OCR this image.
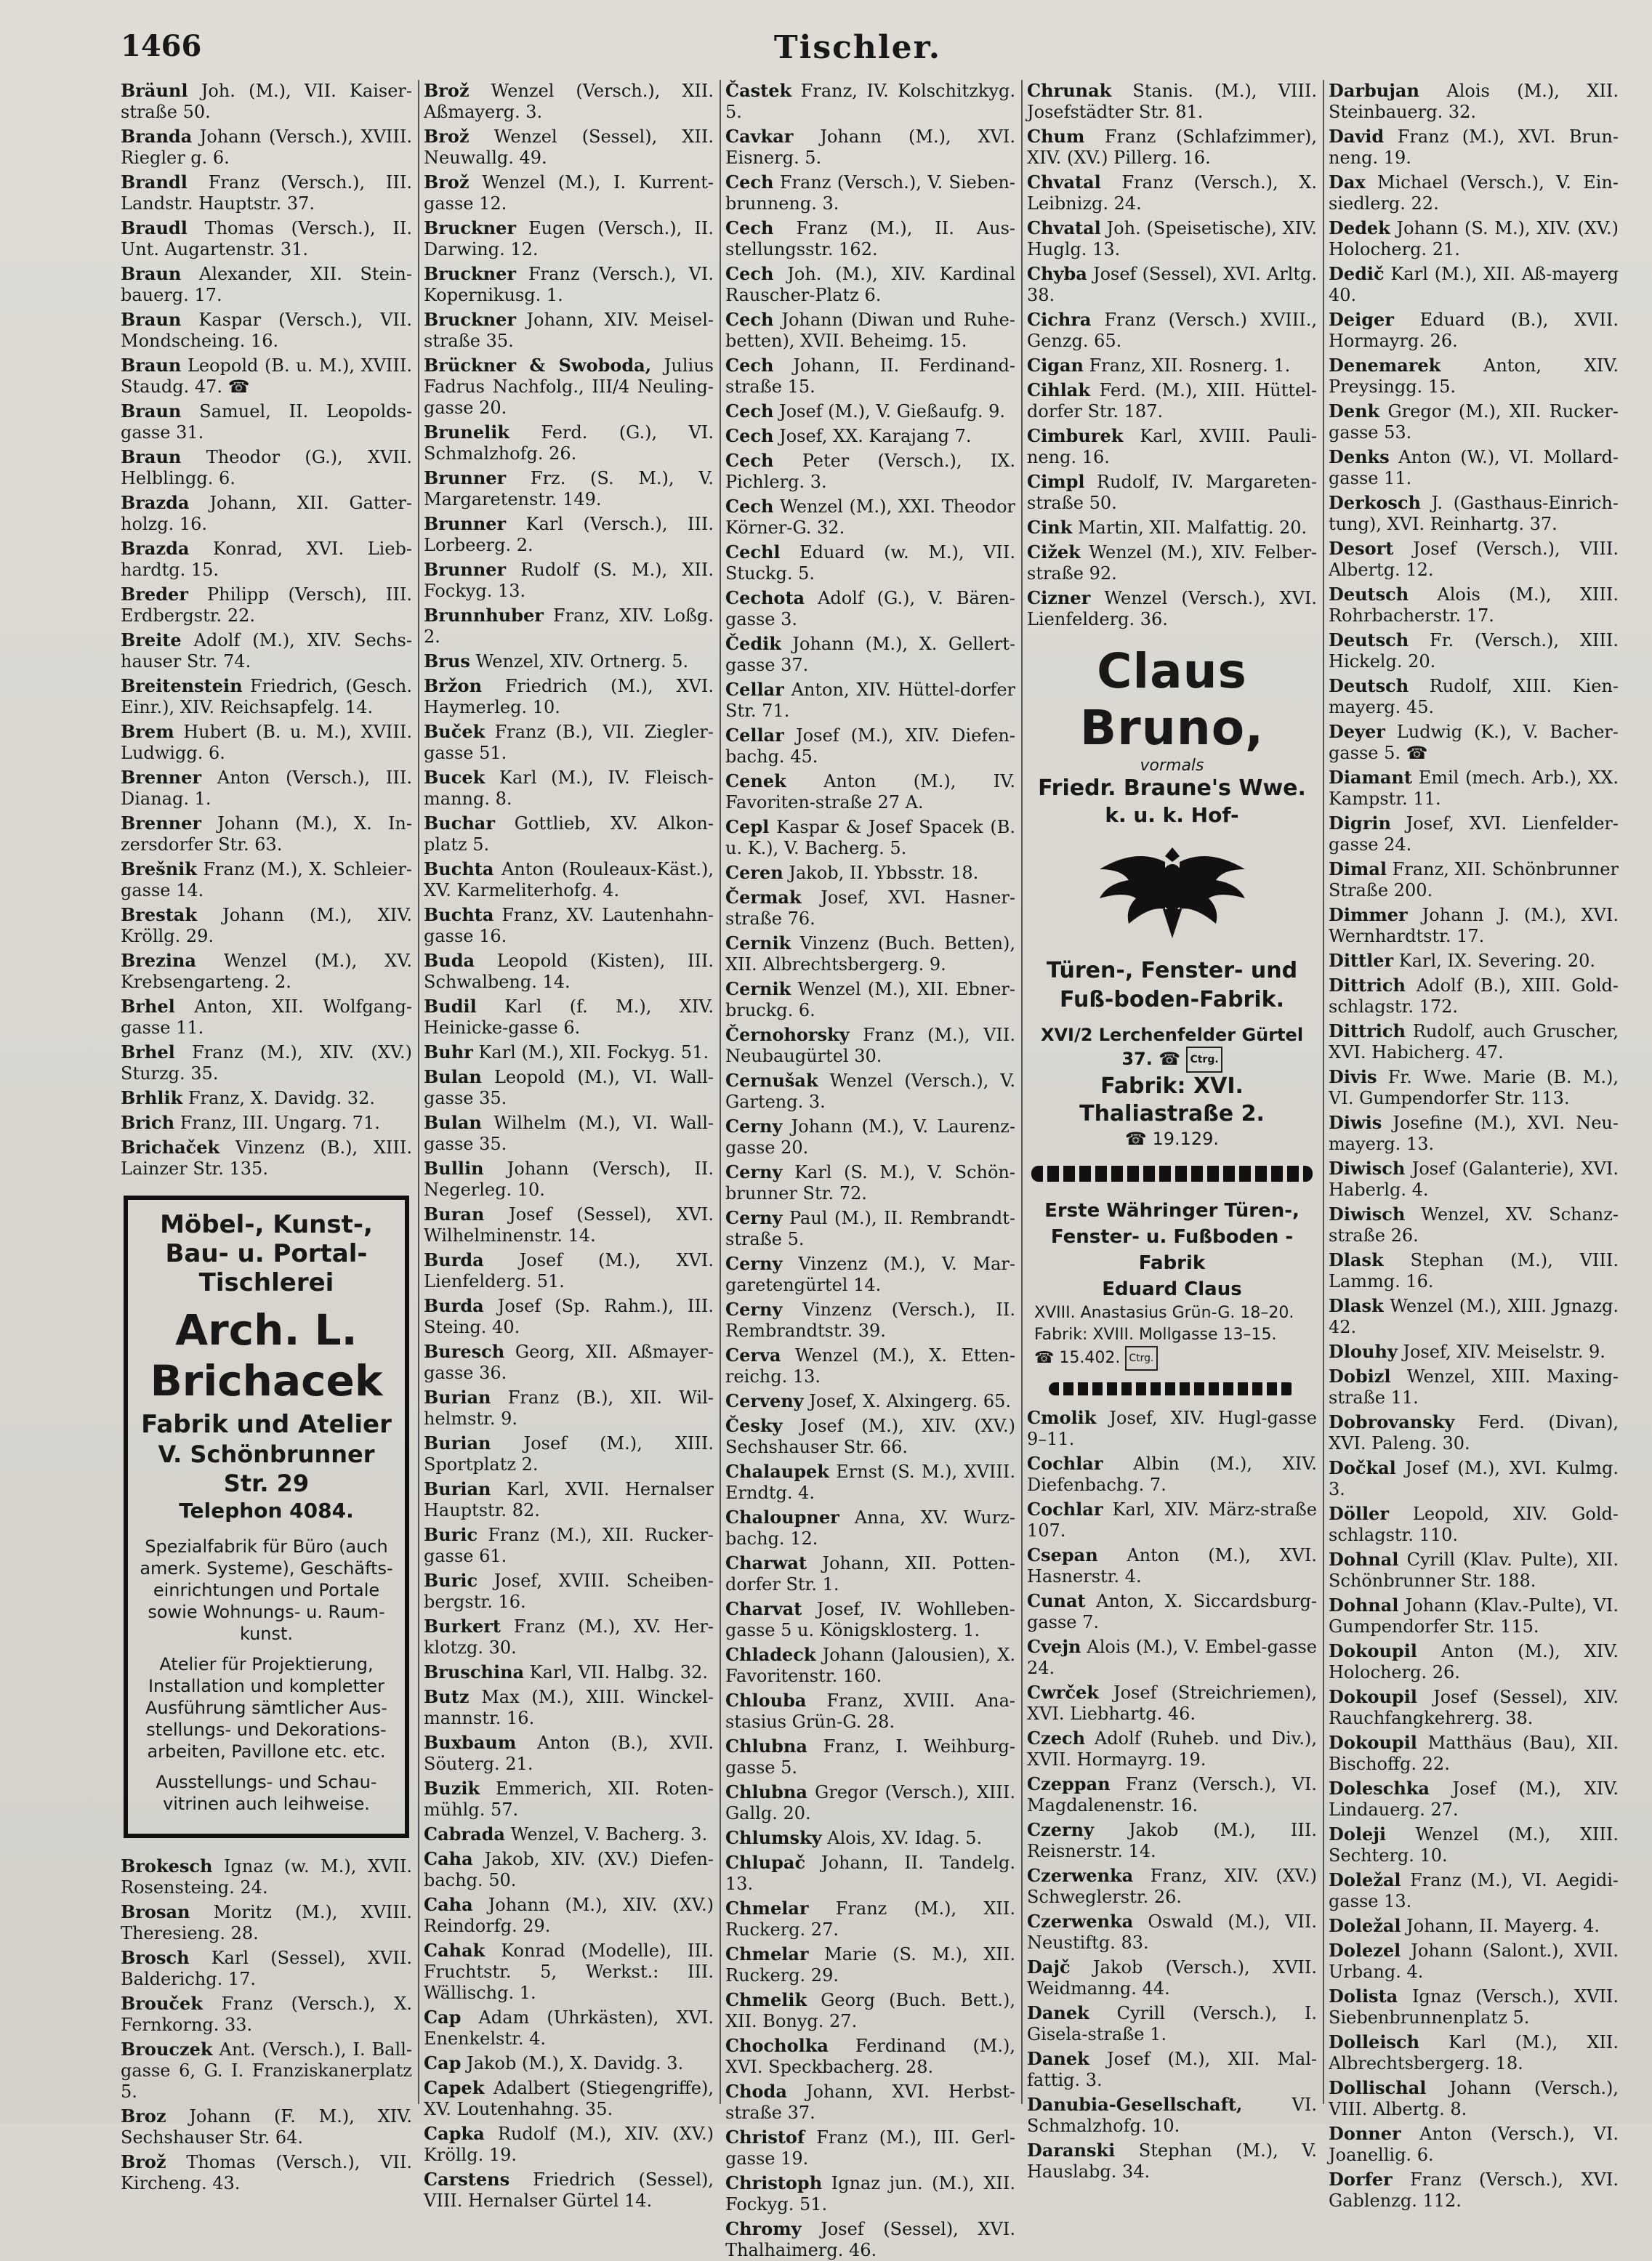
1466	Tischler.
Bräunl Joh. (M.), VII. Kaiser-straße 50.
Branda Johann (Versch.), XVIII. Riegler g. 6.
Brandl Franz (Versch.), III. Landstr. Hauptstr. 37.
Braudl Thomas (Versch.), II. Unt. Augartenstr. 31.
Braun Alexander, XII. Stein-bauerg. 17.
Braun Kaspar (Versch.), VII. Mondscheing. 16.
Braun Leopold (B. u. M.), XVIII. Staudg. 47. ☎
Braun Samuel, II. Leopolds-gasse 31.
Braun Theodor (G.), XVII. Helblingg. 6.
Brazda Johann, XII. Gatter-holzg. 16.
Brazda Konrad, XVI. Lieb-hardtg. 15.
Breder Philipp (Versch), III. Erdbergstr. 22.
Breite Adolf (M.), XIV. Sechs-hauser Str. 74.
Breitenstein Friedrich, (Gesch. Einr.), XIV. Reichsapfelg. 14.
Brem Hubert (B. u. M.), XVIII. Ludwigg. 6.
Brenner Anton (Versch.), III. Dianag. 1.
Brenner Johann (M.), X. In-zersdorfer Str. 63.
Brešnik Franz (M.), X. Schleier-gasse 14.
Brestak Johann (M.), XIV. Kröllg. 29.
Brezina Wenzel (M.), XV. Krebsengarteng. 2.
Brhel Anton, XII. Wolfgang-gasse 11.
Brhel Franz (M.), XIV. (XV.) Sturzg. 35.
Brhlik Franz, X. Davidg. 32.
Brich Franz, III. Ungarg. 71.
Brichaček Vinzenz (B.), XIII. Lainzer Str. 135.
Möbel-, Kunst-, Bau- u. Portal-Tischlerei
Arch. L. Brichacek
Fabrik und Atelier
V. Schönbrunner Str. 29
Telephon 4084.
Spezialfabrik für Büro (auch amerk. Systeme), Geschäfts-einrichtungen und Portale sowie Wohnungs- u. Raum-kunst.
Atelier für Projektierung, Installation und kompletter Ausführung sämtlicher Aus-stellungs- und Dekorations-arbeiten, Pavillone etc. etc.
Ausstellungs- und Schau-vitrinen auch leihweise.
Brokesch Ignaz (w. M.), XVII. Rosensteing. 24.
Brosan Moritz (M.), XVIII. Theresieng. 28.
Brosch Karl (Sessel), XVII. Balderichg. 17.
Brouček Franz (Versch.), X. Fernkorng. 33.
Brouczek Ant. (Versch.), I. Ball-gasse 6, G. I. Franziskanerplatz 5.
Broz Johann (F. M.), XIV. Sechshauser Str. 64.
Brož Thomas (Versch.), VII. Kircheng. 43.
Brož Wenzel (Versch.), XII. Aßmayerg. 3.
Brož Wenzel (Sessel), XII. Neuwallg. 49.
Brož Wenzel (M.), I. Kurrent-gasse 12.
Bruckner Eugen (Versch.), II. Darwing. 12.
Bruckner Franz (Versch.), VI. Kopernikusg. 1.
Bruckner Johann, XIV. Meisel-straße 35.
Brückner & Swoboda, Julius Fadrus Nachfolg., III/4 Neuling-gasse 20.
Brunelik Ferd. (G.), VI. Schmalzhofg. 26.
Brunner Frz. (S. M.), V. Margaretenstr. 149.
Brunner Karl (Versch.), III. Lorbeerg. 2.
Brunner Rudolf (S. M.), XII. Fockyg. 13.
Brunnhuber Franz, XIV. Loßg. 2.
Brus Wenzel, XIV. Ortnerg. 5.
Bržon Friedrich (M.), XVI. Haymerleg. 10.
Buček Franz (B.), VII. Ziegler-gasse 51.
Bucek Karl (M.), IV. Fleisch-manng. 8.
Buchar Gottlieb, XV. Alkon-platz 5.
Buchta Anton (Rouleaux-Käst.), XV. Karmeliterhofg. 4.
Buchta Franz, XV. Lautenhahn-gasse 16.
Buda Leopold (Kisten), III. Schwalbeng. 14.
Budil Karl (f. M.), XIV. Heinicke-gasse 6.
Buhr Karl (M.), XII. Fockyg. 51.
Bulan Leopold (M.), VI. Wall-gasse 35.
Bulan Wilhelm (M.), VI. Wall-gasse 35.
Bullin Johann (Versch), II. Negerleg. 10.
Buran Josef (Sessel), XVI. Wilhelminenstr. 14.
Burda Josef (M.), XVI. Lienfelderg. 51.
Burda Josef (Sp. Rahm.), III. Steing. 40.
Buresch Georg, XII. Aßmayer-gasse 36.
Burian Franz (B.), XII. Wil-helmstr. 9.
Burian Josef (M.), XIII. Sportplatz 2.
Burian Karl, XVII. Hernalser Hauptstr. 82.
Buric Franz (M.), XII. Rucker-gasse 61.
Buric Josef, XVIII. Scheiben-bergstr. 16.
Burkert Franz (M.), XV. Her-klotzg. 30.
Bruschina Karl, VII. Halbg. 32.
Butz Max (M.), XIII. Winckel-mannstr. 16.
Buxbaum Anton (B.), XVII. Söuterg. 21.
Buzik Emmerich, XII. Roten-mühlg. 57.
Cabrada Wenzel, V. Bacherg. 3.
Caha Jakob, XIV. (XV.) Diefen-bachg. 50.
Caha Johann (M.), XIV. (XV.) Reindorfg. 29.
Cahak Konrad (Modelle), III. Fruchtstr. 5, Werkst.: III. Wällischg. 1.
Cap Adam (Uhrkästen), XVI. Enenkelstr. 4.
Cap Jakob (M.), X. Davidg. 3.
Capek Adalbert (Stiegengriffe), XV. Loutenhahng. 35.
Capka Rudolf (M.), XIV. (XV.) Kröllg. 19.
Carstens Friedrich (Sessel), VIII. Hernalser Gürtel 14.
Častek Franz, IV. Kolschitzkyg. 5.
Cavkar Johann (M.), XVI. Eisnerg. 5.
Cech Franz (Versch.), V. Sieben-brunneng. 3.
Cech Franz (M.), II. Aus-stellungsstr. 162.
Cech Joh. (M.), XIV. Kardinal Rauscher-Platz 6.
Cech Johann (Diwan und Ruhe-betten), XVII. Beheimg. 15.
Cech Johann, II. Ferdinand-straße 15.
Cech Josef (M.), V. Gießaufg. 9.
Cech Josef, XX. Karajang 7.
Cech Peter (Versch.), IX. Pichlerg. 3.
Cech Wenzel (M.), XXI. Theodor Körner-G. 32.
Cechl Eduard (w. M.), VII. Stuckg. 5.
Cechota Adolf (G.), V. Bären-gasse 3.
Čedik Johann (M.), X. Gellert-gasse 37.
Cellar Anton, XIV. Hüttel-dorfer Str. 71.
Cellar Josef (M.), XIV. Diefen-bachg. 45.
Cenek Anton (M.), IV. Favoriten-straße 27 A.
Cepl Kaspar & Josef Spacek (B. u. K.), V. Bacherg. 5.
Ceren Jakob, II. Ybbsstr. 18.
Čermak Josef, XVI. Hasner-straße 76.
Cernik Vinzenz (Buch. Betten), XII. Albrechtsbergerg. 9.
Cernik Wenzel (M.), XII. Ebner-bruckg. 6.
Černohorsky Franz (M.), VII. Neubaugürtel 30.
Cernušak Wenzel (Versch.), V. Garteng. 3.
Cerny Johann (M.), V. Laurenz-gasse 20.
Cerny Karl (S. M.), V. Schön-brunner Str. 72.
Cerny Paul (M.), II. Rembrandt-straße 5.
Cerny Vinzenz (M.), V. Mar-garetengürtel 14.
Cerny Vinzenz (Versch.), II. Rembrandtstr. 39.
Cerva Wenzel (M.), X. Etten-reichg. 13.
Cerveny Josef, X. Alxingerg. 65.
Česky Josef (M.), XIV. (XV.) Sechshauser Str. 66.
Chalaupek Ernst (S. M.), XVIII. Erndtg. 4.
Chaloupner Anna, XV. Wurz-bachg. 12.
Charwat Johann, XII. Potten-dorfer Str. 1.
Charvat Josef, IV. Wohlleben-gasse 5 u. Königsklosterg. 1.
Chladeck Johann (Jalousien), X. Favoritenstr. 160.
Chlouba Franz, XVIII. Ana-stasius Grün-G. 28.
Chlubna Franz, I. Weihburg-gasse 5.
Chlubna Gregor (Versch.), XIII. Gallg. 20.
Chlumsky Alois, XV. Idag. 5.
Chlupač Johann, II. Tandelg. 13.
Chmelar Franz (M.), XII. Ruckerg. 27.
Chmelar Marie (S. M.), XII. Ruckerg. 29.
Chmelik Georg (Buch. Bett.), XII. Bonyg. 27.
Chocholka Ferdinand (M.), XVI. Speckbacherg. 28.
Choda Johann, XVI. Herbst-straße 37.
Christof Franz (M.), III. Gerl-gasse 19.
Christoph Ignaz jun. (M.), XII. Fockyg. 51.
Chromy Josef (Sessel), XVI. Thalhaimerg. 46.
Chrunak Stanis. (M.), VIII. Josefstädter Str. 81.
Chum Franz (Schlafzimmer), XIV. (XV.) Pillerg. 16.
Chvatal Franz (Versch.), X. Leibnizg. 24.
Chvatal Joh. (Speisetische), XIV. Huglg. 13.
Chyba Josef (Sessel), XVI. Arltg. 38.
Cichra Franz (Versch.) XVIII., Genzg. 65.
Cigan Franz, XII. Rosnerg. 1.
Cihlak Ferd. (M.), XIII. Hüttel-dorfer Str. 187.
Cimburek Karl, XVIII. Pauli-neng. 16.
Cimpl Rudolf, IV. Margareten-straße 50.
Cink Martin, XII. Malfattig. 20.
Cižek Wenzel (M.), XIV. Felber-straße 92.
Cizner Wenzel (Versch.), XVI. Lienfelderg. 36.
Claus Bruno,
vormals
Friedr. Braune's Wwe.
k. u. k. Hof-
Türen-, Fenster- und Fuß-boden-Fabrik.
XVI/2 Lerchenfelder Gürtel 37. ☎ Ctrg.
Fabrik: XVI. Thaliastraße 2.
☎ 19.129.
Erste Währinger Türen-, Fenster- u. Fußboden - Fabrik
Eduard Claus
XVIII. Anastasius Grün-G. 18–20.
Fabrik: XVIII. Mollgasse 13–15.
☎ 15.402. Ctrg.
Cmolik Josef, XIV. Hugl-gasse 9–11.
Cochlar Albin (M.), XIV. Diefenbachg. 7.
Cochlar Karl, XIV. März-straße 107.
Csepan Anton (M.), XVI. Hasnerstr. 4.
Cunat Anton, X. Siccardsburg-gasse 7.
Cvejn Alois (M.), V. Embel-gasse 24.
Cwrček Josef (Streichriemen), XVI. Liebhartg. 46.
Czech Adolf (Ruheb. und Div.), XVII. Hormayrg. 19.
Czeppan Franz (Versch.), VI. Magdalenenstr. 16.
Czerny Jakob (M.), III. Reisnerstr. 14.
Czerwenka Franz, XIV. (XV.) Schweglerstr. 26.
Czerwenka Oswald (M.), VII. Neustiftg. 83.
Dajč Jakob (Versch.), XVII. Weidmanng. 44.
Danek Cyrill (Versch.), I. Gisela-straße 1.
Danek Josef (M.), XII. Mal-fattig. 3.
Danubia-Gesellschaft,	VI. Schmalzhofg. 10.
Daranski Stephan (M.), V. Hauslabg. 34.
Darbujan Alois (M.), XII. Steinbauerg. 32.
David Franz (M.), XVI. Brun-neng. 19.
Dax Michael (Versch.), V. Ein-siedlerg. 22.
Dedek Johann (S. M.), XIV. (XV.) Holocherg. 21.
Dedič Karl (M.), XII. Aß-mayerg 40.
Deiger Eduard (B.), XVII. Hormayrg. 26.
Denemarek Anton, XIV. Preysingg. 15.
Denk Gregor (M.), XII. Rucker-gasse 53.
Denks Anton (W.), VI. Mollard-gasse 11.
Derkosch J. (Gasthaus-Einrich-tung), XVI. Reinhartg. 37.
Desort Josef (Versch.), VIII. Albertg. 12.
Deutsch Alois (M.), XIII. Rohrbacherstr. 17.
Deutsch Fr. (Versch.), XIII. Hickelg. 20.
Deutsch Rudolf, XIII. Kien-mayerg. 45.
Deyer Ludwig (K.), V. Bacher-gasse 5. ☎
Diamant Emil (mech. Arb.), XX. Kampstr. 11.
Digrin Josef, XVI. Lienfelder-gasse 24.
Dimal Franz, XII. Schönbrunner Straße 200.
Dimmer Johann J. (M.), XVI. Wernhardtstr. 17.
Dittler Karl, IX. Severing. 20.
Dittrich Adolf (B.), XIII. Gold-schlagstr. 172.
Dittrich Rudolf, auch Gruscher, XVI. Habicherg. 47.
Divis Fr. Wwe. Marie (B. M.), VI. Gumpendorfer Str. 113.
Diwis Josefine (M.), XVI. Neu-mayerg. 13.
Diwisch Josef (Galanterie), XVI. Haberlg. 4.
Diwisch Wenzel, XV. Schanz-straße 26.
Dlask Stephan (M.), VIII. Lammg. 16.
Dlask Wenzel (M.), XIII. Jgnazg. 42.
Dlouhy Josef, XIV. Meiselstr. 9.
Dobizl Wenzel, XIII. Maxing-straße 11.
Dobrovansky Ferd. (Divan), XVI. Paleng. 30.
Dočkal Josef (M.), XVI. Kulmg. 3.
Döller Leopold, XIV. Gold-schlagstr. 110.
Dohnal Cyrill (Klav. Pulte), XII. Schönbrunner Str. 188.
Dohnal Johann (Klav.-Pulte), VI. Gumpendorfer Str. 115.
Dokoupil Anton (M.), XIV. Holocherg. 26.
Dokoupil Josef (Sessel), XIV. Rauchfangkehrerg. 38.
Dokoupil Matthäus (Bau), XII. Bischoffg. 22.
Doleschka Josef (M.), XIV. Lindauerg. 27.
Doleji Wenzel (M.), XIII. Sechterg. 10.
Doležal Franz (M.), VI. Aegidi-gasse 13.
Doležal Johann, II. Mayerg. 4.
Dolezel Johann (Salont.), XVII. Urbang. 4.
Dolista Ignaz (Versch.), XVII. Siebenbrunnenplatz 5.
Dolleisch Karl (M.), XII. Albrechtsbergerg. 18.
Dollischal Johann (Versch.), VIII. Albertg. 8.
Donner Anton (Versch.), VI. Joanellig. 6.
Dorfer Franz (Versch.), XVI. Gablenzg. 112.
